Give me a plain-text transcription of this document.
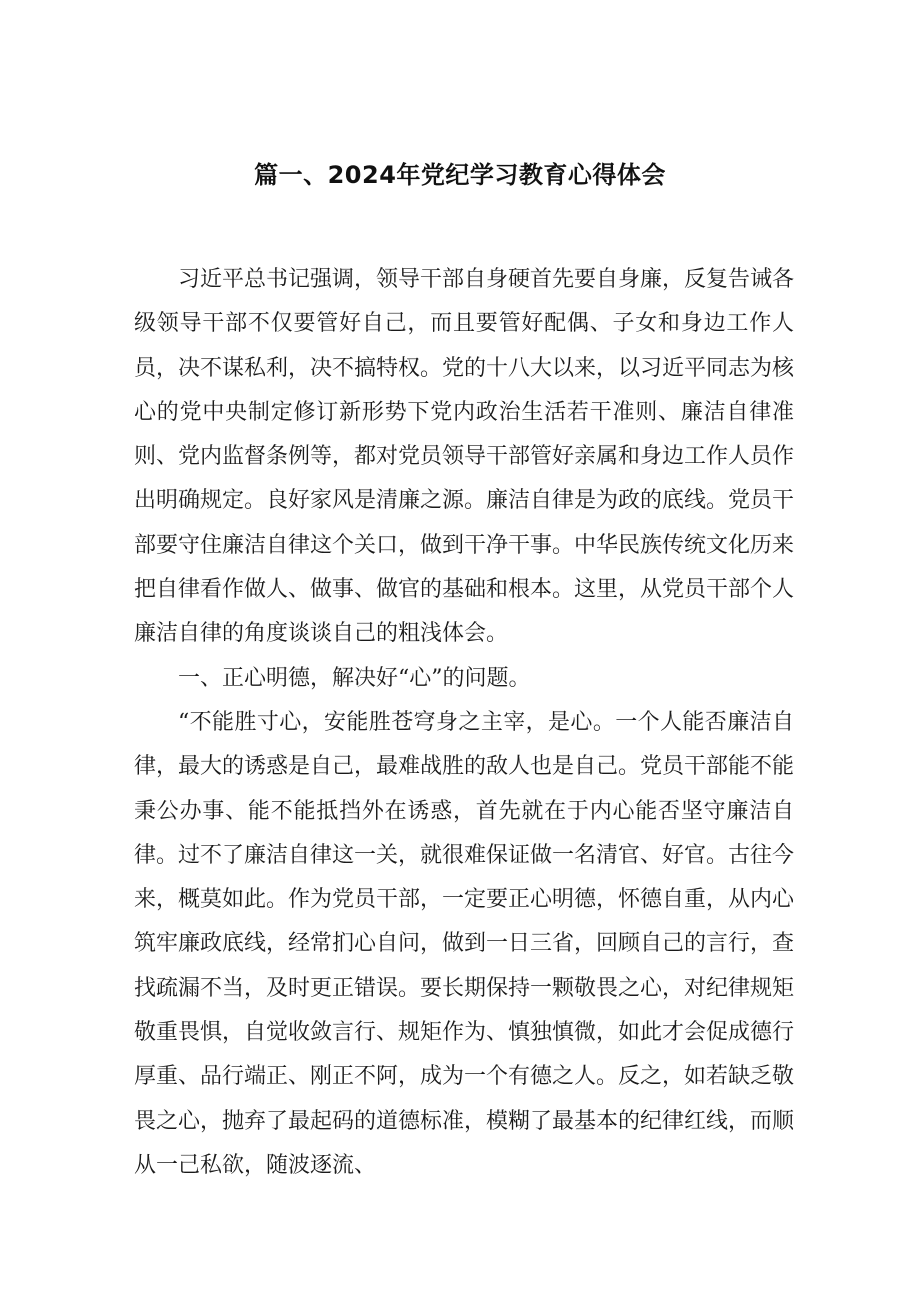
篇一、2024年党纪学习教育心得体会

习近平总书记强调，领导干部自身硬首先要自身廉，反复告诫各级领导干部不仅要管好自己，而且要管好配偶、子女和身边工作人员，决不谋私利，决不搞特权。党的十八大以来，以习近平同志为核心的党中央制定修订新形势下党内政治生活若干准则、廉洁自律准则、党内监督条例等，都对党员领导干部管好亲属和身边工作人员作出明确规定。良好家风是清廉之源。廉洁自律是为政的底线。党员干部要守住廉洁自律这个关口，做到干净干事。中华民族传统文化历来把自律看作做人、做事、做官的基础和根本。这里，从党员干部个人廉洁自律的角度谈谈自己的粗浅体会。

一、正心明德，解决好“心”的问题。

“不能胜寸心，安能胜苍穹身之主宰，是心。一个人能否廉洁自律，最大的诱惑是自己，最难战胜的敌人也是自己。党员干部能不能秉公办事、能不能抵挡外在诱惑，首先就在于内心能否坚守廉洁自律。过不了廉洁自律这一关，就很难保证做一名清官、好官。古往今来，概莫如此。作为党员干部，一定要正心明德，怀德自重，从内心筑牢廉政底线，经常扪心自问，做到一日三省，回顾自己的言行，查找疏漏不当，及时更正错误。要长期保持一颗敬畏之心，对纪律规矩敬重畏惧，自觉收敛言行、规矩作为、慎独慎微，如此才会促成德行厚重、品行端正、刚正不阿，成为一个有德之人。反之，如若缺乏敬畏之心，抛弃了最起码的道德标准，模糊了最基本的纪律红线，而顺从一己私欲，随波逐流、
